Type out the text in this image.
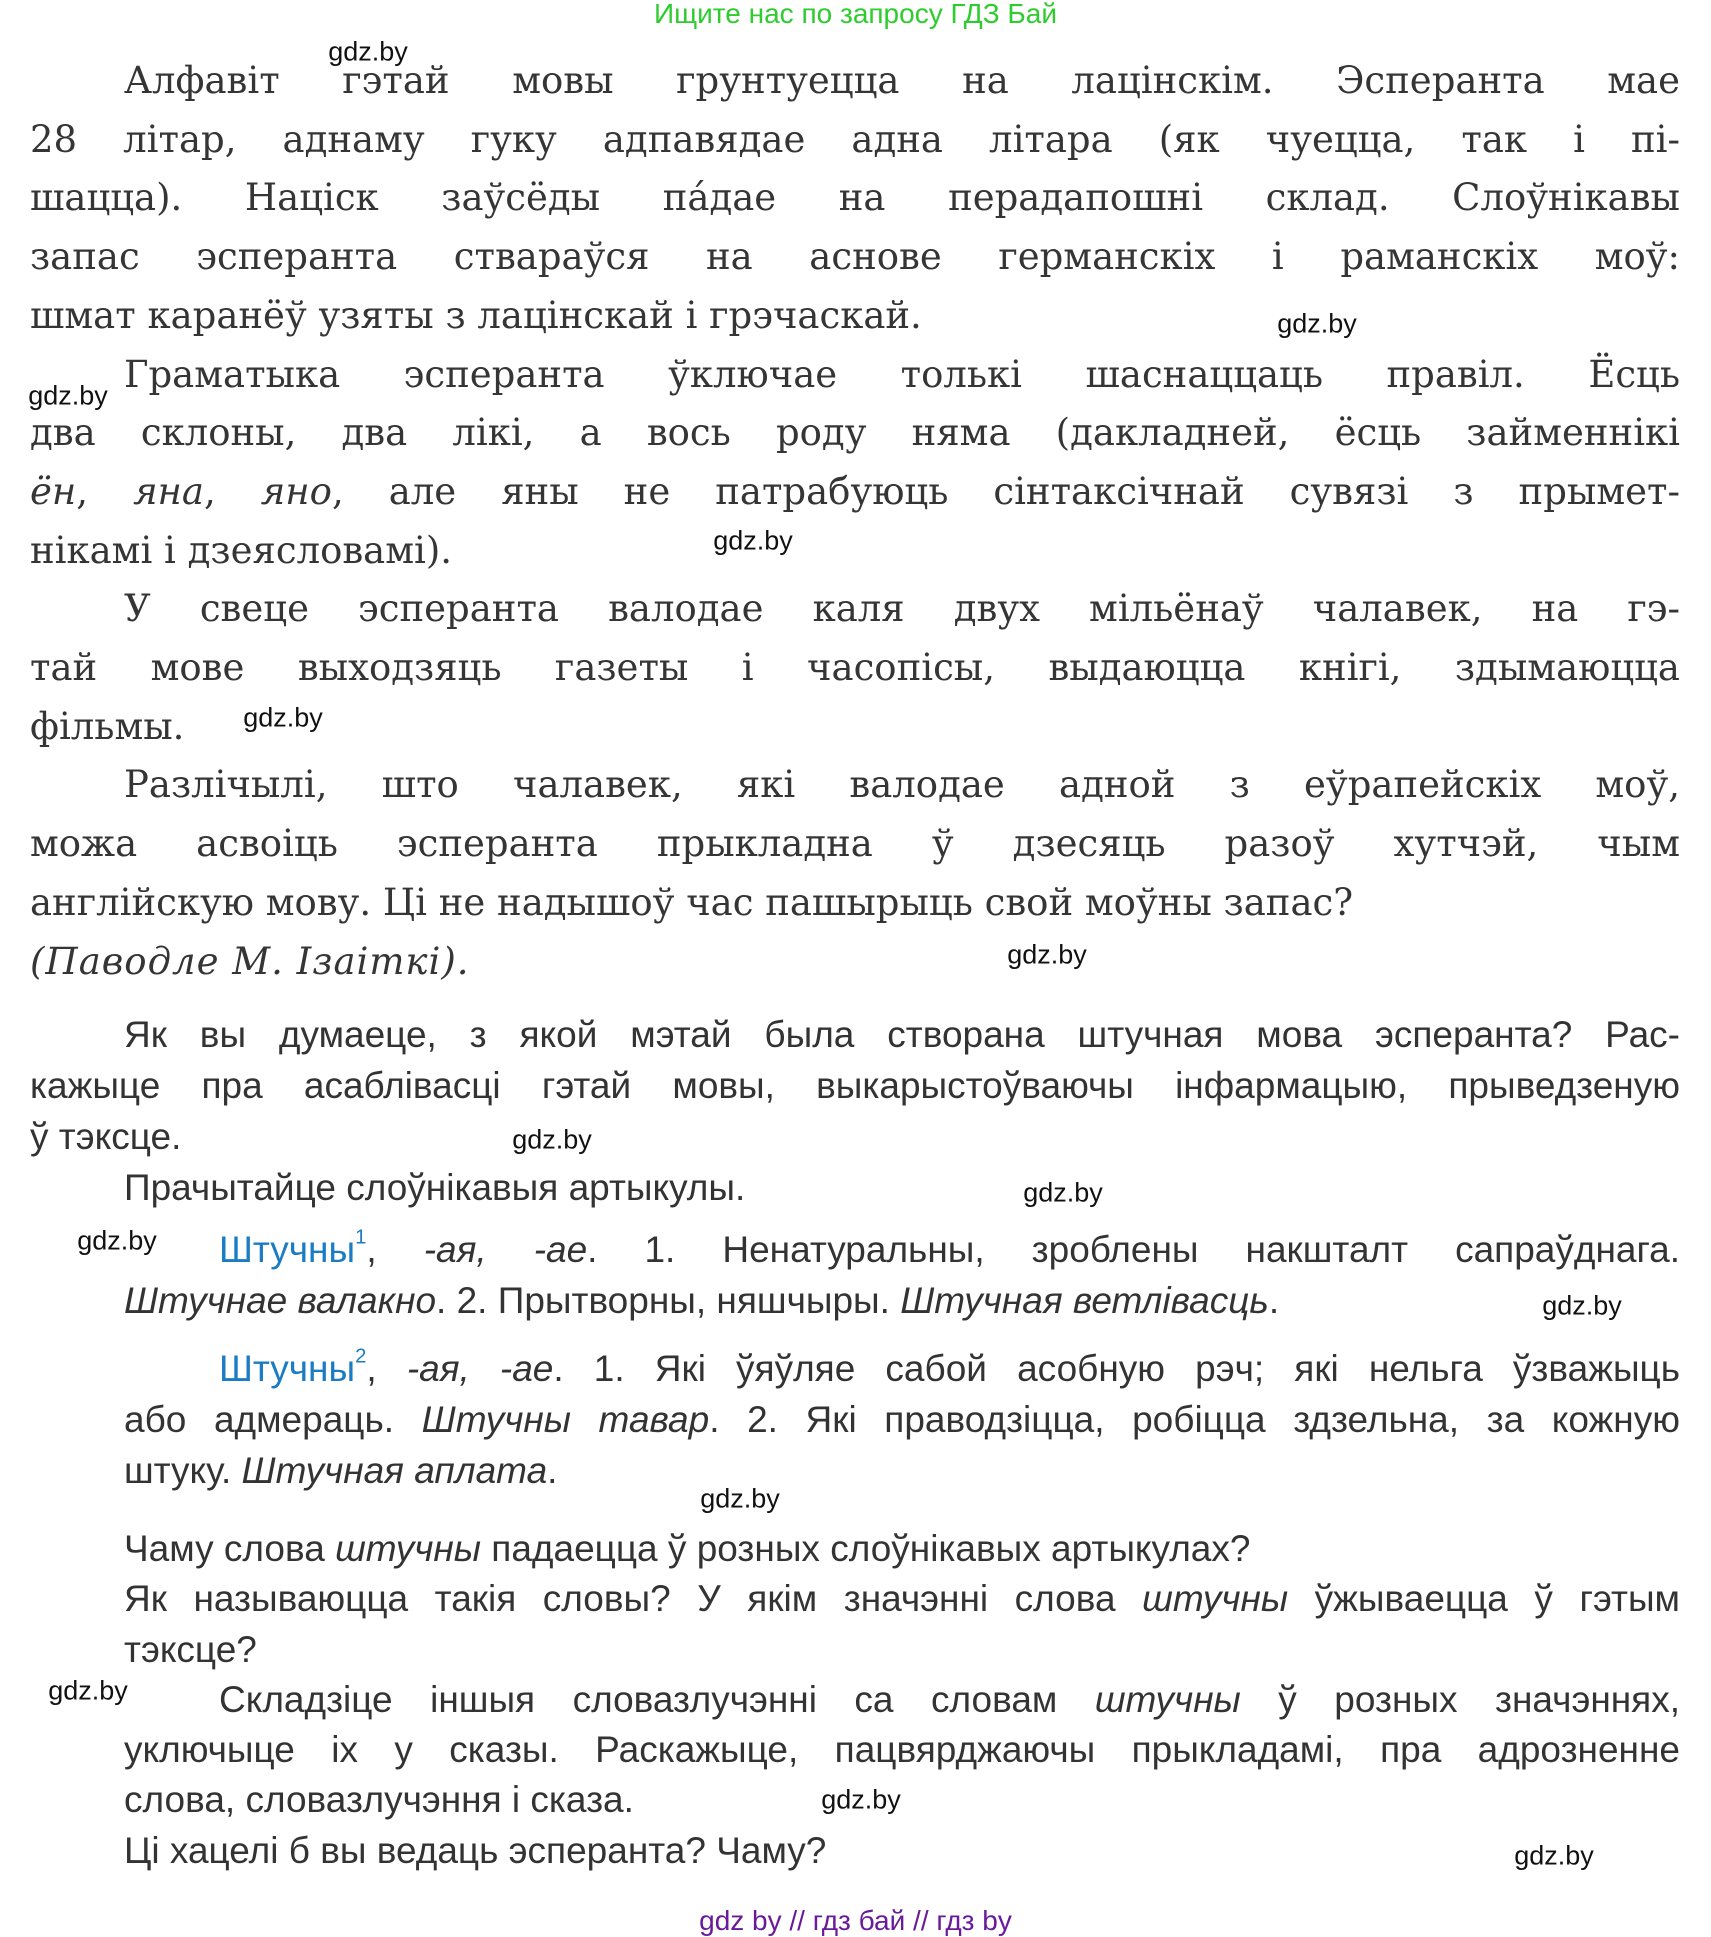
Ищите нас по запросу ГДЗ Бай
Алфавіт гэтай мовы грунтуецца на лацінскім. Эсперанта мае
28 літар, аднаму гуку адпавядае адна літара (як чуецца, так і пі-
шацца). Націск заўсёды па́дае на перадапошні склад. Слоўнікавы
запас эсперанта ствараўся на аснове германскіх і раманскіх моў:
шмат каранёў узяты з лацінскай і грэчаскай.
Граматыка эсперанта ўключае толькі шаснаццаць правіл. Ёсць
два склоны, два лікі, а вось роду няма (дакладней, ёсць займеннікі
ён, яна, яно, але яны не патрабуюць сінтаксічнай сувязі з прымет-
нікамі і дзеясловамі).
У свеце эсперанта валодае каля двух мільёнаў чалавек, на гэ-
тай мове выходзяць газеты і часопісы, выдаюцца кнігі, здымаюцца
фільмы.
Разлічылі, што чалавек, які валодае адной з еўрапейскіх моў,
можа асвоіць эсперанта прыкладна ў дзесяць разоў хутчэй, чым
англійскую мову. Ці не надышоў час пашырыць свой моўны запас?
(Паводле М. Ізаіткі).
Як вы думаеце, з якой мэтай была створана штучная мова эсперанта? Рас-
кажыце пра асаблівасці гэтай мовы, выкарыстоўваючы інфармацыю, прыведзеную
ў тэксце.
Прачытайце слоўнікавыя артыкулы.
Штучны$^1$, -ая, -ае. 1. Ненатуральны, зроблены накшталт сапраўднага.
Штучнае валакно. 2. Прытворны, няшчыры. Штучная ветлівасць.
Штучны$^2$, -ая, -ае. 1. Які ўяўляе сабой асобную рэч; які нельга ўзважыць
або адмераць. Штучны тавар. 2. Які праводзіцца, робіцца здзельна, за кожную
штуку. Штучная аплата.
Чаму слова штучны падаецца ў розных слоўнікавых артыкулах?
Як называюцца такія словы? У якім значэнні слова штучны ўжываецца ў гэтым
тэксце?
Складзіце іншыя словазлучэнні са словам штучны ў розных значэннях,
уключыце іх у сказы. Раскажыце, пацвярджаючы прыкладамі, пра адрозненне
слова, словазлучэння і сказа.
Ці хацелі б вы ведаць эсперанта? Чаму?
gdz.by
gdz.by
gdz.by
gdz.by
gdz.by
gdz.by
gdz.by
gdz.by
gdz.by
gdz.by
gdz.by
gdz.by
gdz.by
gdz.by
gdz by // гдз бай // гдз by
